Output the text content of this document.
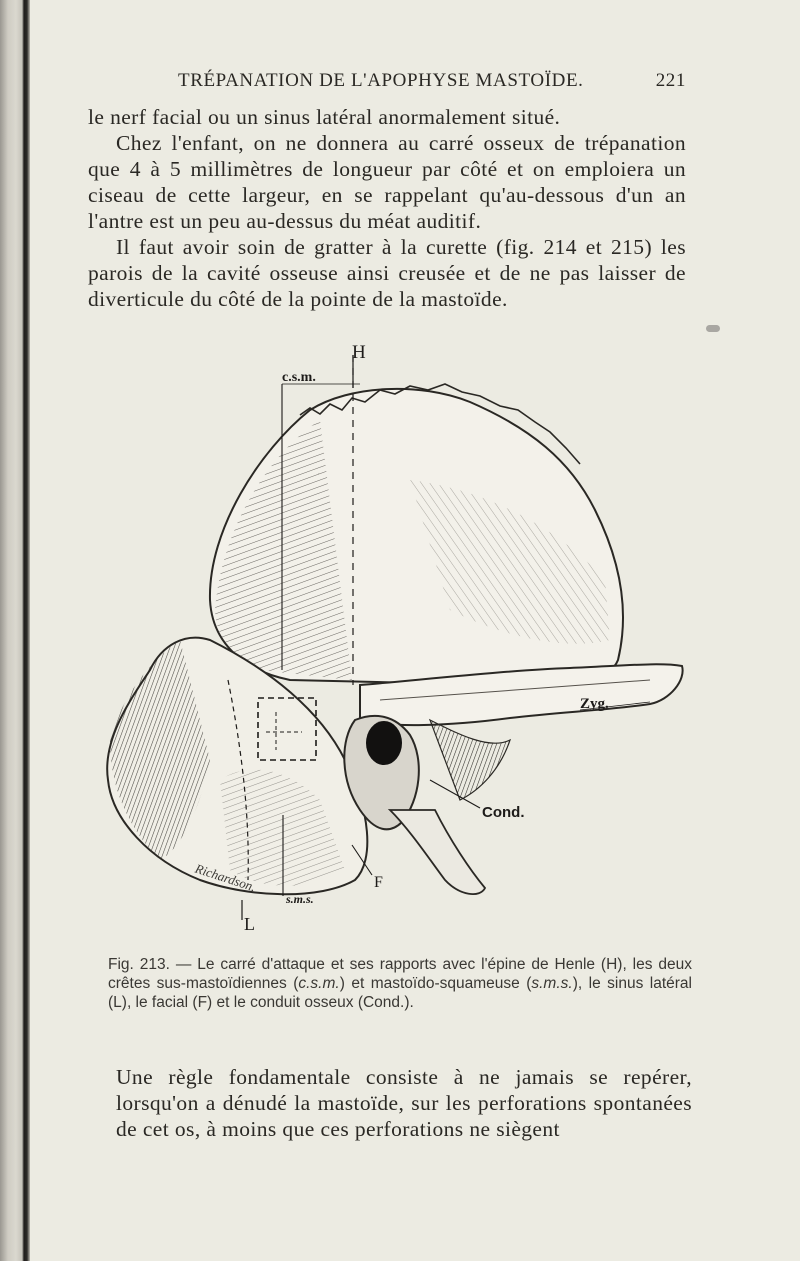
TRÉPANATION DE L'APOPHYSE MASTOÏDE.	221

le nerf facial ou un sinus latéral anormalement situé.

Chez l'enfant, on ne donnera au carré osseux de trépanation que 4 à 5 millimètres de longueur par côté et on emploiera un ciseau de cette largeur, en se rappelant qu'au-dessous d'un an l'antre est un peu au-dessus du méat auditif.

Il faut avoir soin de gratter à la curette (fig. 214 et 215) les parois de la cavité osseuse ainsi creusée et de ne pas laisser de diverticule du côté de la pointe de la mastoïde.

H
c.s.m.
Zyg.
Cond.
F
s.m.s.
L
Richardson.
Fig. 213. — Le carré d'attaque et ses rapports avec l'épine de Henle (H), les deux crêtes sus-mastoïdiennes (c.s.m.) et mastoïdo-squameuse (s.m.s.), le sinus latéral (L), le facial (F) et le conduit osseux (Cond.).

Une règle fondamentale consiste à ne jamais se repérer, lorsqu'on a dénudé la mastoïde, sur les perforations spontanées de cet os, à moins que ces perforations ne siègent
